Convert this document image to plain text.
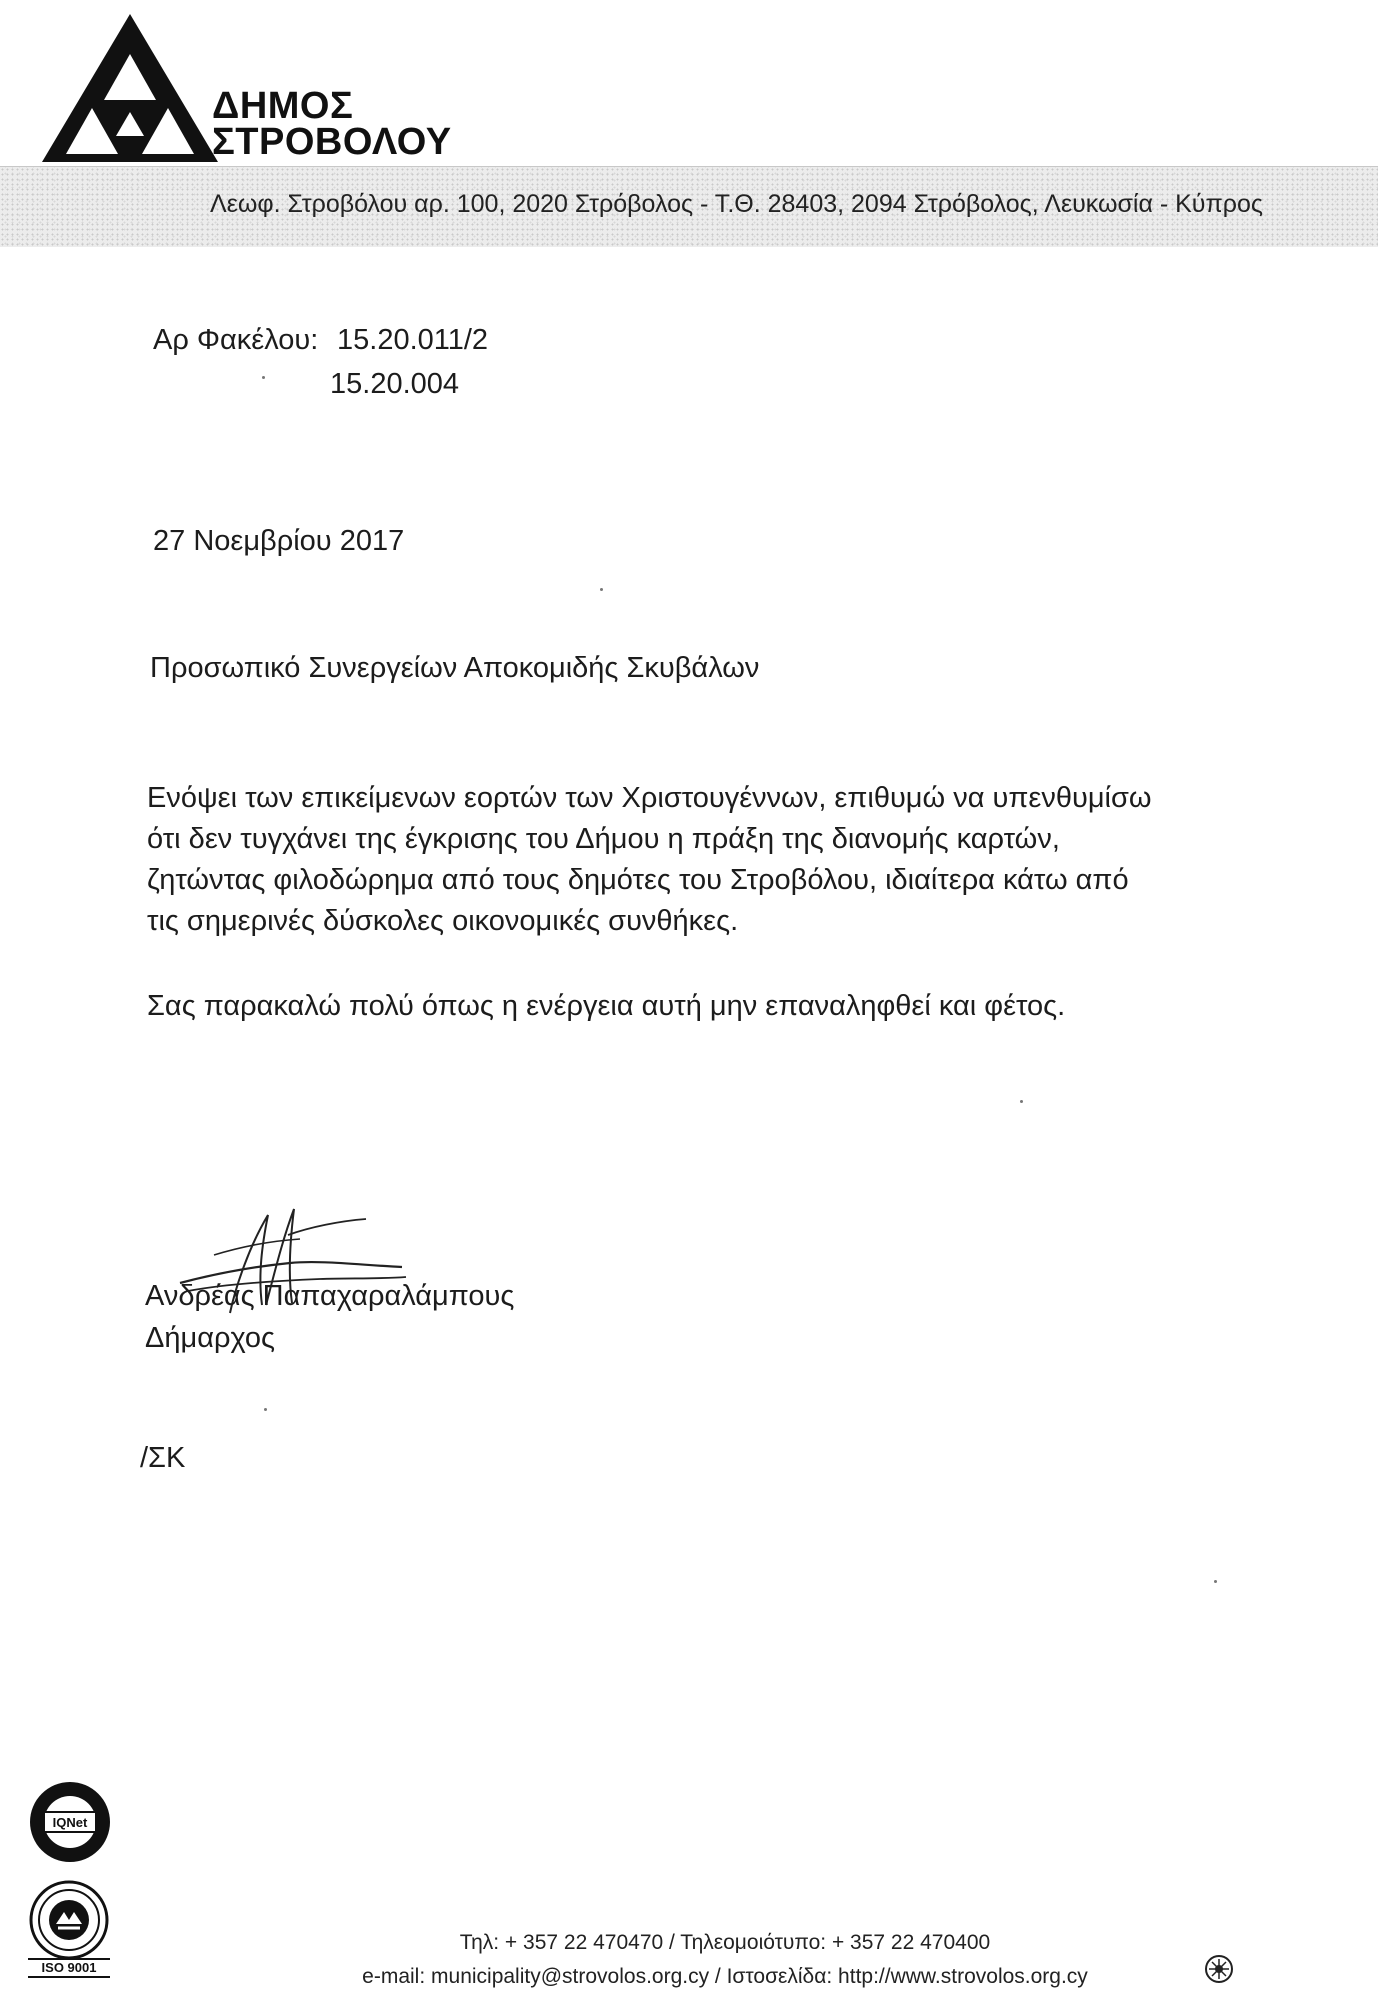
ΔΗΜΟΣ
ΣΤΡΟΒΟΛΟΥ
Λεωφ. Στροβόλου αρ. 100, 2020 Στρόβολος - Τ.Θ. 28403, 2094 Στρόβολος, Λευκωσία - Κύπρος
Αρ Φακέλου: 15.20.011/2
15.20.004
27 Νοεμβρίου 2017
Προσωπικό Συνεργείων Αποκομιδής Σκυβάλων
Ενόψει των επικείμενων εορτών των Χριστουγέννων, επιθυμώ να υπενθυμίσω
ότι δεν τυγχάνει της έγκρισης του Δήμου η πράξη της διανομής καρτών,
ζητώντας φιλοδώρημα από τους δημότες του Στροβόλου, ιδιαίτερα κάτω από
τις σημερινές δύσκολες οικονομικές συνθήκες.
Σας παρακαλώ πολύ όπως η ενέργεια αυτή μην επαναληφθεί και φέτος.
Ανδρέας Παπαχαραλάμπους
Δήμαρχος
/ΣΚ
IQNet
ISO 9001
Τηλ: + 357 22 470470 / Τηλεομοιότυπο: + 357 22 470400
e-mail: municipality@strovolos.org.cy / Ιστοσελίδα: http://www.strovolos.org.cy
